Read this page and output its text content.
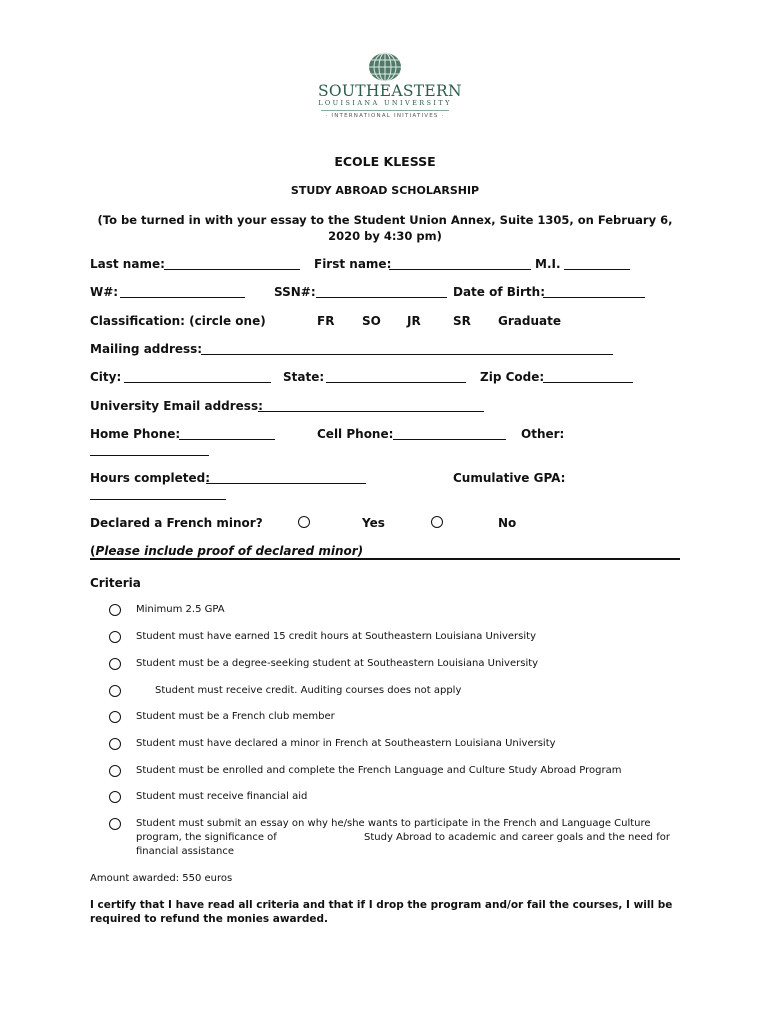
SOUTHEASTERN
LOUISIANA UNIVERSITY
· INTERNATIONAL INITIATIVES ·
ECOLE KLESSE
STUDY ABROAD SCHOLARSHIP
(To be turned in with your essay to the Student Union Annex, Suite 1305, on February 6, 2020 by 4:30 pm)
Last name:	First name:	M.I.
W#:	SSN#:	Date of Birth:
Classification: (circle one)	FR SO JR	SR Graduate
Mailing address:
City:	State:	Zip Code:
University Email address:
Home Phone:	Cell Phone:	Other:
Hours completed:	Cumulative GPA:
Declared a French minor?	Yes	No
(Please include proof of declared minor)
Criteria
Minimum 2.5 GPA
Student must have earned 15 credit hours at Southeastern Louisiana University
Student must be a degree-seeking student at Southeastern Louisiana University
Student must receive credit. Auditing courses does not apply
Student must be a French club member
Student must have declared a minor in French at Southeastern Louisiana University
Student must be enrolled and complete the French Language and Culture Study Abroad Program
Student must receive financial aid
Student must submit an essay on why he/she wants to participate in the French and Language Culture
program, the significance of	Study Abroad to academic and career goals and the need for
financial assistance
Amount awarded: 550 euros
I certify that I have read all criteria and that if I drop the program and/or fail the courses, I will be required to refund the monies awarded.
